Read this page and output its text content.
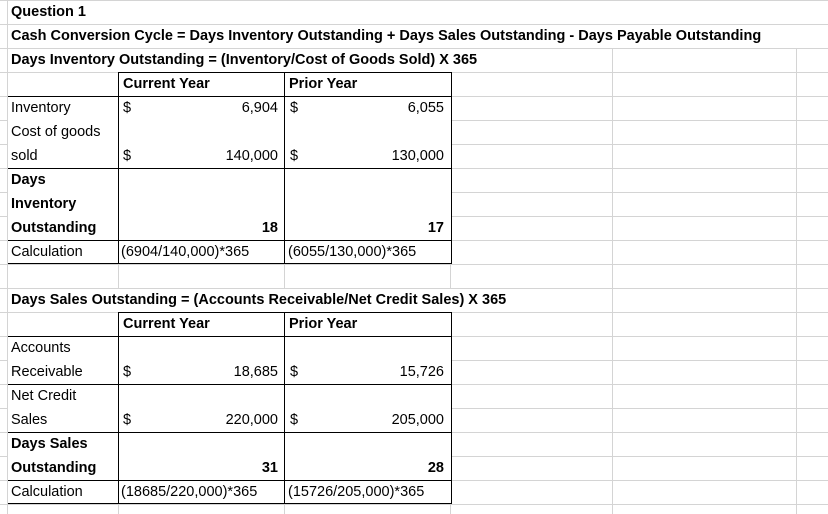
Question 1
Cash Conversion Cycle = Days Inventory Outstanding + Days Sales Outstanding - Days Payable Outstanding
Days Inventory Outstanding = (Inventory/Cost of Goods Sold) X 365
Current Year	Prior Year
Inventory	$	6,904 $	6,055
Cost of goods
sold	$	140,000 $	130,000
Days
Inventory
Outstanding	18	17
Calculation	(6904/140,000)*365	(6055/130,000)*365
Days Sales Outstanding = (Accounts Receivable/Net Credit Sales) X 365
Current Year	Prior Year
Accounts
Receivable	$	18,685 $	15,726
Net Credit
Sales	$	220,000 $	205,000
Days Sales
Outstanding	31	28
Calculation	(18685/220,000)*365 (15726/205,000)*365
